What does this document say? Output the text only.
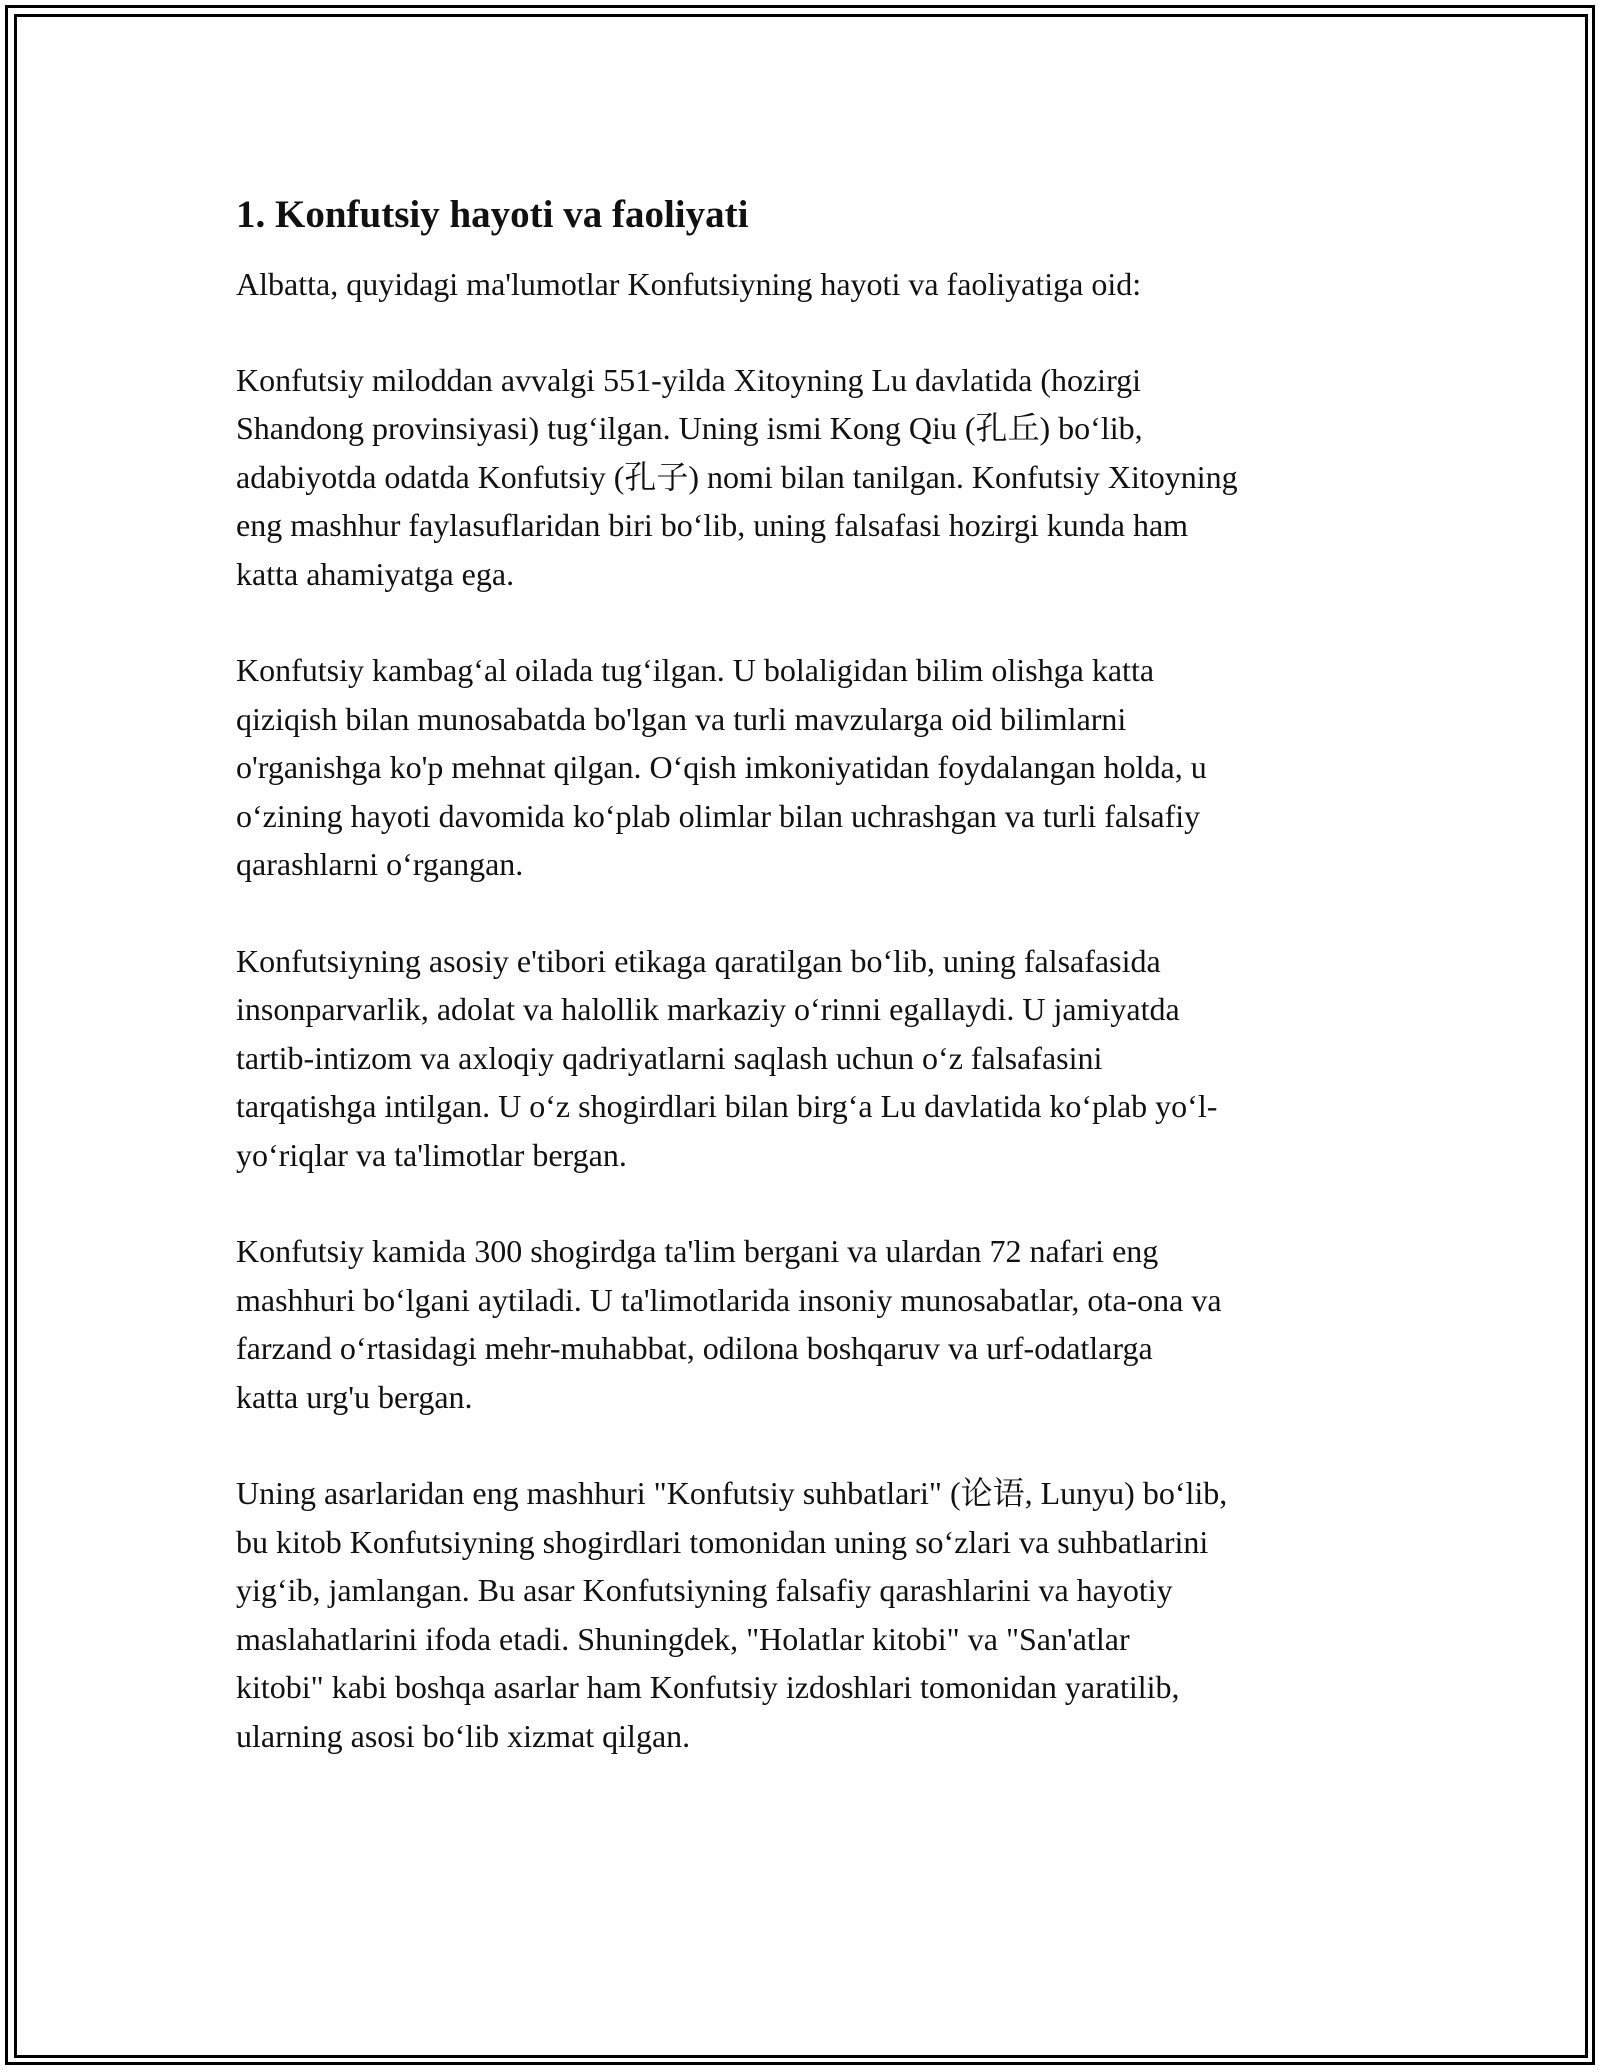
1. Konfutsiy hayoti va faoliyati
Albatta, quyidagi ma'lumotlar Konfutsiyning hayoti va faoliyatiga oid:
Konfutsiy miloddan avvalgi 551-yilda Xitoyning Lu davlatida (hozirgi
Shandong provinsiyasi) tug‘ilgan. Uning ismi Kong Qiu (孔丘) bo‘lib,
adabiyotda odatda Konfutsiy (孔子) nomi bilan tanilgan. Konfutsiy Xitoyning
eng mashhur faylasuflaridan biri bo‘lib, uning falsafasi hozirgi kunda ham
katta ahamiyatga ega.
Konfutsiy kambag‘al oilada tug‘ilgan. U bolaligidan bilim olishga katta
qiziqish bilan munosabatda bo'lgan va turli mavzularga oid bilimlarni
o'rganishga ko'p mehnat qilgan. O‘qish imkoniyatidan foydalangan holda, u
o‘zining hayoti davomida ko‘plab olimlar bilan uchrashgan va turli falsafiy
qarashlarni o‘rgangan.
Konfutsiyning asosiy e'tibori etikaga qaratilgan bo‘lib, uning falsafasida
insonparvarlik, adolat va halollik markaziy o‘rinni egallaydi. U jamiyatda
tartib-intizom va axloqiy qadriyatlarni saqlash uchun o‘z falsafasini
tarqatishga intilgan. U o‘z shogirdlari bilan birg‘a Lu davlatida ko‘plab yo‘l-
yo‘riqlar va ta'limotlar bergan.
Konfutsiy kamida 300 shogirdga ta'lim bergani va ulardan 72 nafari eng
mashhuri bo‘lgani aytiladi. U ta'limotlarida insoniy munosabatlar, ota-ona va
farzand o‘rtasidagi mehr-muhabbat, odilona boshqaruv va urf-odatlarga
katta urg'u bergan.
Uning asarlaridan eng mashhuri "Konfutsiy suhbatlari" (论语, Lunyu) bo‘lib,
bu kitob Konfutsiyning shogirdlari tomonidan uning so‘zlari va suhbatlarini
yig‘ib, jamlangan. Bu asar Konfutsiyning falsafiy qarashlarini va hayotiy
maslahatlarini ifoda etadi. Shuningdek, "Holatlar kitobi" va "San'atlar
kitobi" kabi boshqa asarlar ham Konfutsiy izdoshlari tomonidan yaratilib,
ularning asosi bo‘lib xizmat qilgan.
